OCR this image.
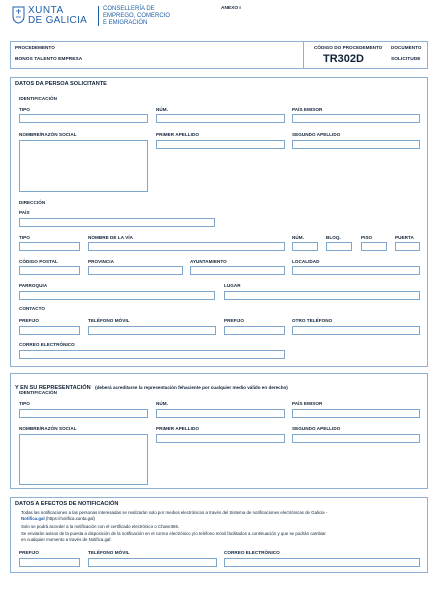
XUNTA
DE GALICIA
CONSELLERÍA DE
EMPREGO, COMERCIO
E EMIGRACIÓN
ANEXO I
PROCEDEMENTO
BONOS TALENTO EMPRESA
CÓDIGO DO PROCEDEMENTO
TR302D
DOCUMENTO
SOLICITUDE
DATOS DA PERSOA SOLICITANTE
IDENTIFICACIÓN
TIPO	NÚM.	PAÍS EMISOR
NOMBRE/RAZÓN SOCIAL	PRIMER APELLIDO	SEGUNDO APELLIDO
DIRECCIÓN
PAÍS
TIPO	NOMBRE DE LA VÍA	NÚM.	BLOQ.	PISO	PUERTA
CÓDIGO POSTAL	PROVINCIA	AYUNTAMIENTO	LOCALIDAD
PARROQUIA	LUGAR
CONTACTO
PREFIJO	TELÉFONO MÓVIL	PREFIJO	OTRO TELÉFONO
CORREO ELECTRÓNICO
Y EN SU REPRESENTACIÓN (deberá acreditarse la representación fehaciente por cualquier medio válido en derecho)
IDENTIFICACIÓN
TIPO	NÚM.	PAÍS EMISOR
NOMBRE/RAZÓN SOCIAL	PRIMER APELLIDO	SEGUNDO APELLIDO
DATOS A EFECTOS DE NOTIFICACIÓN
Todas las notificaciones a las personas interesadas se realizarán solo por medios electrónicos a través del Sistema de notificaciones electrónicas de Galicia -
Notifica.gal (https://notifica.xunta.gal)
Solo se podrá acceder a la notificación con el certificado electrónico o Chave365.
Se enviarán avisos de la puesta a disposición de la notificación en el correo electrónico y/o teléfono móvil facilitados a continuación y que se podrán cambiar
en cualquier momento a través de Notifica.gal:
PREFIJO	TELÉFONO MÓVIL	CORREO ELECTRÓNICO
